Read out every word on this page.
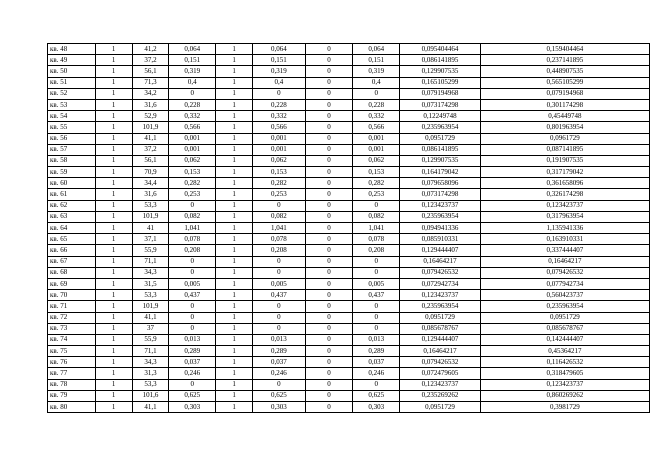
кв. 48	1	41,2	0,064	1	0,064	0	0,064	0,095404464	0,159404464
кв. 49	1	37,2	0,151	1	0,151	0	0,151	0,086141895	0,237141895
кв. 50	1	56,1	0,319	1	0,319	0	0,319	0,129907535	0,448907535
кв. 51	1	71,3	0,4	1	0,4	0	0,4	0,165105299	0,565105299
кв. 52	1	34,2	0	1	0	0	0	0,079194968	0,079194968
кв. 53	1	31,6	0,228	1	0,228	0	0,228	0,073174298	0,301174298
кв. 54	1	52,9	0,332	1	0,332	0	0,332	0,12249748	0,45449748
кв. 55	1	101,9	0,566	1	0,566	0	0,566	0,235963954	0,801963954
кв. 56	1	41,1	0,001	1	0,001	0	0,001	0,0951729	0,0961729
кв. 57	1	37,2	0,001	1	0,001	0	0,001	0,086141895	0,087141895
кв. 58	1	56,1	0,062	1	0,062	0	0,062	0,129907535	0,191907535
кв. 59	1	70,9	0,153	1	0,153	0	0,153	0,164179042	0,317179042
кв. 60	1	34,4	0,282	1	0,282	0	0,282	0,079658096	0,361658096
кв. 61	1	31,6	0,253	1	0,253	0	0,253	0,073174298	0,326174298
кв. 62	1	53,3	0	1	0	0	0	0,123423737	0,123423737
кв. 63	1	101,9	0,082	1	0,082	0	0,082	0,235963954	0,317963954
кв. 64	1	41	1,041	1	1,041	0	1,041	0,094941336	1,135941336
кв. 65	1	37,1	0,078	1	0,078	0	0,078	0,085910331	0,163910331
кв. 66	1	55,9	0,208	1	0,208	0	0,208	0,129444407	0,337444407
кв. 67	1	71,1	0	1	0	0	0	0,16464217	0,16464217
кв. 68	1	34,3	0	1	0	0	0	0,079426532	0,079426532
кв. 69	1	31,5	0,005	1	0,005	0	0,005	0,072942734	0,077942734
кв. 70	1	53,3	0,437	1	0,437	0	0,437	0,123423737	0,560423737
кв. 71	1	101,9	0	1	0	0	0	0,235963954	0,235963954
кв. 72	1	41,1	0	1	0	0	0	0,0951729	0,0951729
кв. 73	1	37	0	1	0	0	0	0,085678767	0,085678767
кв. 74	1	55,9	0,013	1	0,013	0	0,013	0,129444407	0,142444407
кв. 75	1	71,1	0,289	1	0,289	0	0,289	0,16464217	0,45364217
кв. 76	1	34,3	0,037	1	0,037	0	0,037	0,079426532	0,116426532
кв. 77	1	31,3	0,246	1	0,246	0	0,246	0,072479605	0,318479605
кв. 78	1	53,3	0	1	0	0	0	0,123423737	0,123423737
кв. 79	1	101,6	0,625	1	0,625	0	0,625	0,235269262	0,860269262
кв. 80	1	41,1	0,303	1	0,303	0	0,303	0,0951729	0,3981729
